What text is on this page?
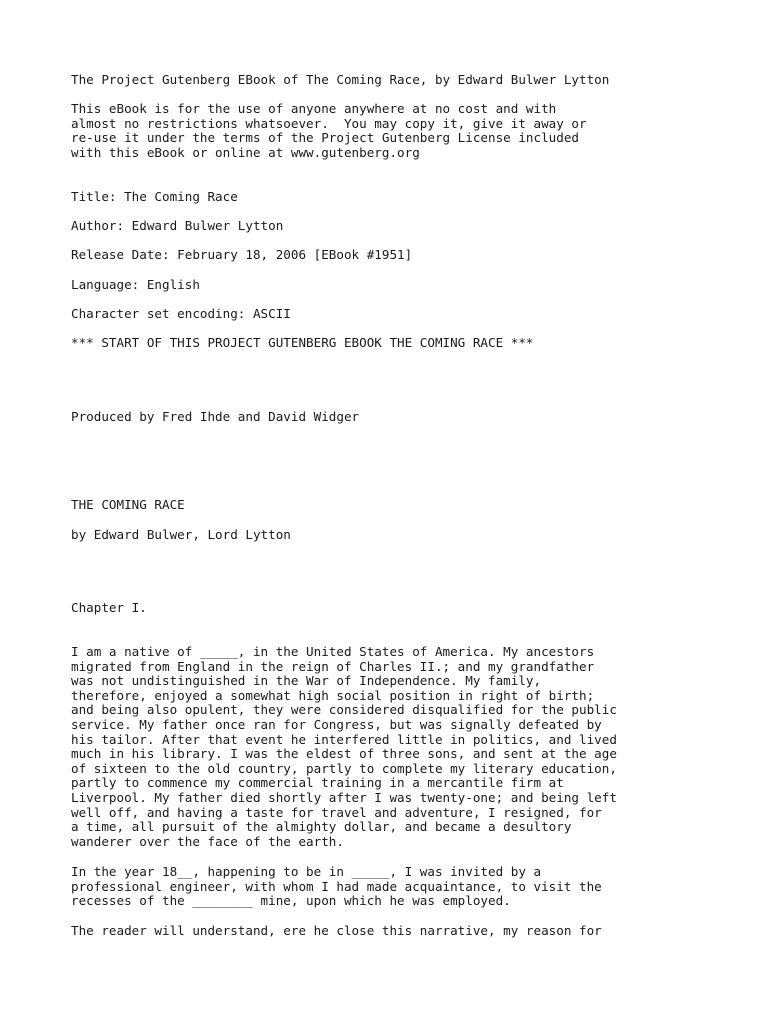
The Project Gutenberg EBook of The Coming Race, by Edward Bulwer Lytton

This eBook is for the use of anyone anywhere at no cost and with

almost no restrictions whatsoever.  You may copy it, give it away or

re-use it under the terms of the Project Gutenberg License included

with this eBook or online at www.gutenberg.org

Title: The Coming Race

Author: Edward Bulwer Lytton

Release Date: February 18, 2006 [EBook #1951]

Language: English

Character set encoding: ASCII

*** START OF THIS PROJECT GUTENBERG EBOOK THE COMING RACE ***

Produced by Fred Ihde and David Widger

THE COMING RACE

by Edward Bulwer, Lord Lytton

Chapter I.

I am a native of _____, in the United States of America. My ancestors

migrated from England in the reign of Charles II.; and my grandfather

was not undistinguished in the War of Independence. My family,

therefore, enjoyed a somewhat high social position in right of birth;

and being also opulent, they were considered disqualified for the public

service. My father once ran for Congress, but was signally defeated by

his tailor. After that event he interfered little in politics, and lived

much in his library. I was the eldest of three sons, and sent at the age

of sixteen to the old country, partly to complete my literary education,

partly to commence my commercial training in a mercantile firm at

Liverpool. My father died shortly after I was twenty-one; and being left

well off, and having a taste for travel and adventure, I resigned, for

a time, all pursuit of the almighty dollar, and became a desultory

wanderer over the face of the earth.

In the year 18__, happening to be in _____, I was invited by a

professional engineer, with whom I had made acquaintance, to visit the

recesses of the ________ mine, upon which he was employed.

The reader will understand, ere he close this narrative, my reason for
